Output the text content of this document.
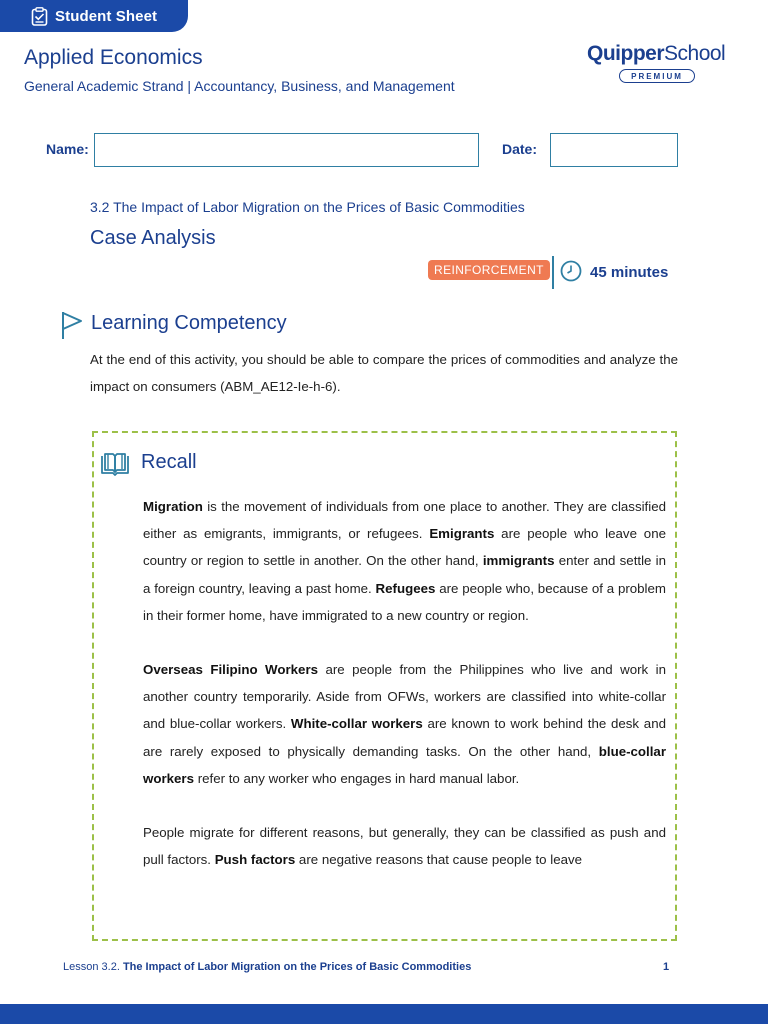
Student Sheet
Applied Economics
General Academic Strand | Accountancy, Business, and Management
QuipperSchool
PREMIUM
Name:	Date:
3.2 The Impact of Labor Migration on the Prices of Basic Commodities
Case Analysis
REINFORCEMENT	45 minutes
Learning Competency
At the end of this activity, you should be able to compare the prices of commodities and analyze the impact on consumers (ABM_AE12-Ie-h-6).
Recall

Migration is the movement of individuals from one place to another. They are classified either as emigrants, immigrants, or refugees. Emigrants are people who leave one country or region to settle in another. On the other hand, immigrants enter and settle in a foreign country, leaving a past home. Refugees are people who, because of a problem in their former home, have immigrated to a new country or region.

Overseas Filipino Workers are people from the Philippines who live and work in another country temporarily. Aside from OFWs, workers are classified into white-collar and blue-collar workers. White-collar workers are known to work behind the desk and are rarely exposed to physically demanding tasks. On the other hand, blue-collar workers refer to any worker who engages in hard manual labor.

People migrate for different reasons, but generally, they can be classified as push and pull factors. Push factors are negative reasons that cause people to leave

Lesson 3.2. The Impact of Labor Migration on the Prices of Basic Commodities	1
